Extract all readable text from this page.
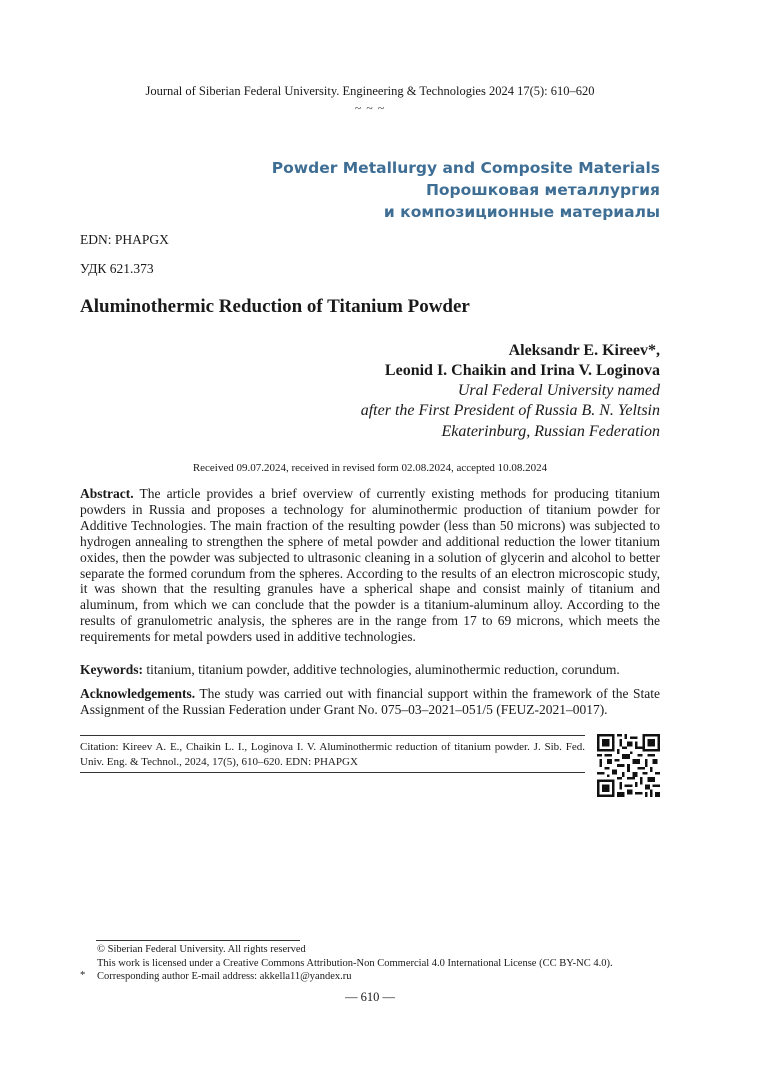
Journal of Siberian Federal University. Engineering & Technologies 2024 17(5): 610–620
~ ~ ~
Powder Metallurgy and Composite Materials
Порошковая металлургия
и композиционные материалы
EDN: PHAPGX
УДК 621.373
Aluminothermic Reduction of Titanium Powder
Aleksandr E. Kireev*,
Leonid I. Chaikin and Irina V. Loginova
Ural Federal University named
after the First President of Russia B. N. Yeltsin
Ekaterinburg, Russian Federation
Received 09.07.2024, received in revised form 02.08.2024, accepted 10.08.2024
Abstract. The article provides a brief overview of currently existing methods for producing titanium powders in Russia and proposes a technology for aluminothermic production of titanium powder for Additive Technologies. The main fraction of the resulting powder (less than 50 microns) was subjected to hydrogen annealing to strengthen the sphere of metal powder and additional reduction the lower titanium oxides, then the powder was subjected to ultrasonic cleaning in a solution of glycerin and alcohol to better separate the formed corundum from the spheres. According to the results of an electron microscopic study, it was shown that the resulting granules have a spherical shape and consist mainly of titanium and aluminum, from which we can conclude that the powder is a titanium-aluminum alloy. According to the results of granulometric analysis, the spheres are in the range from 17 to 69 microns, which meets the requirements for metal powders used in additive technologies.
Keywords: titanium, titanium powder, additive technologies, aluminothermic reduction, corundum.
Acknowledgements. The study was carried out with financial support within the framework of the State Assignment of the Russian Federation under Grant No. 075–03–2021–051/5 (FEUZ-2021–0017).
Citation: Kireev A. E., Chaikin L. I., Loginova I. V. Aluminothermic reduction of titanium powder. J. Sib. Fed. Univ. Eng. & Technol., 2024, 17(5), 610–620. EDN: PHAPGX
© Siberian Federal University. All rights reserved
This work is licensed under a Creative Commons Attribution-Non Commercial 4.0 International License (CC BY-NC 4.0).
* Corresponding author E-mail address: akkella11@yandex.ru
— 610 —
